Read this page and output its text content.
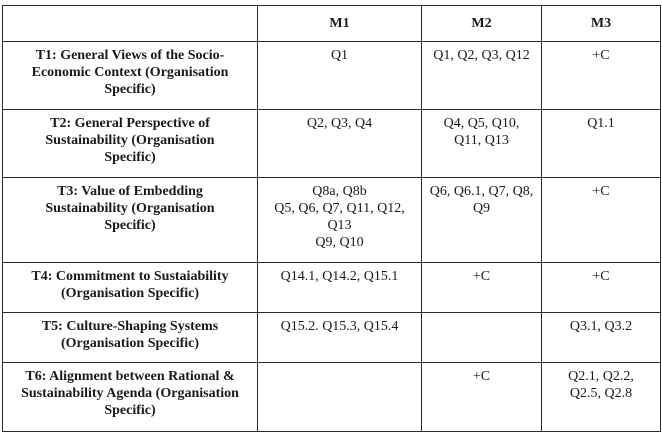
	M1	M2	M3

T1: General Views of the Socio-
Economic Context (Organisation
Specific)	Q1	Q1, Q2, Q3, Q12	+C

T2: General Perspective of
Sustainability (Organisation
Specific)	Q2, Q3, Q4	Q4, Q5, Q10,
Q11, Q13	Q1.1

T3: Value of Embedding
Sustainability (Organisation
Specific)	Q8a, Q8b
Q5, Q6, Q7, Q11, Q12,
Q13
Q9, Q10	Q6, Q6.1, Q7, Q8,
Q9	+C

T4: Commitment to Sustaiability
(Organisation Specific)	Q14.1, Q14.2, Q15.1	+C	+C

T5: Culture-Shaping Systems
(Organisation Specific)	Q15.2. Q15.3, Q15.4		Q3.1, Q3.2

T6: Alignment between Rational &
Sustainability Agenda (Organisation
Specific)		+C	Q2.1, Q2.2,
Q2.5, Q2.8
